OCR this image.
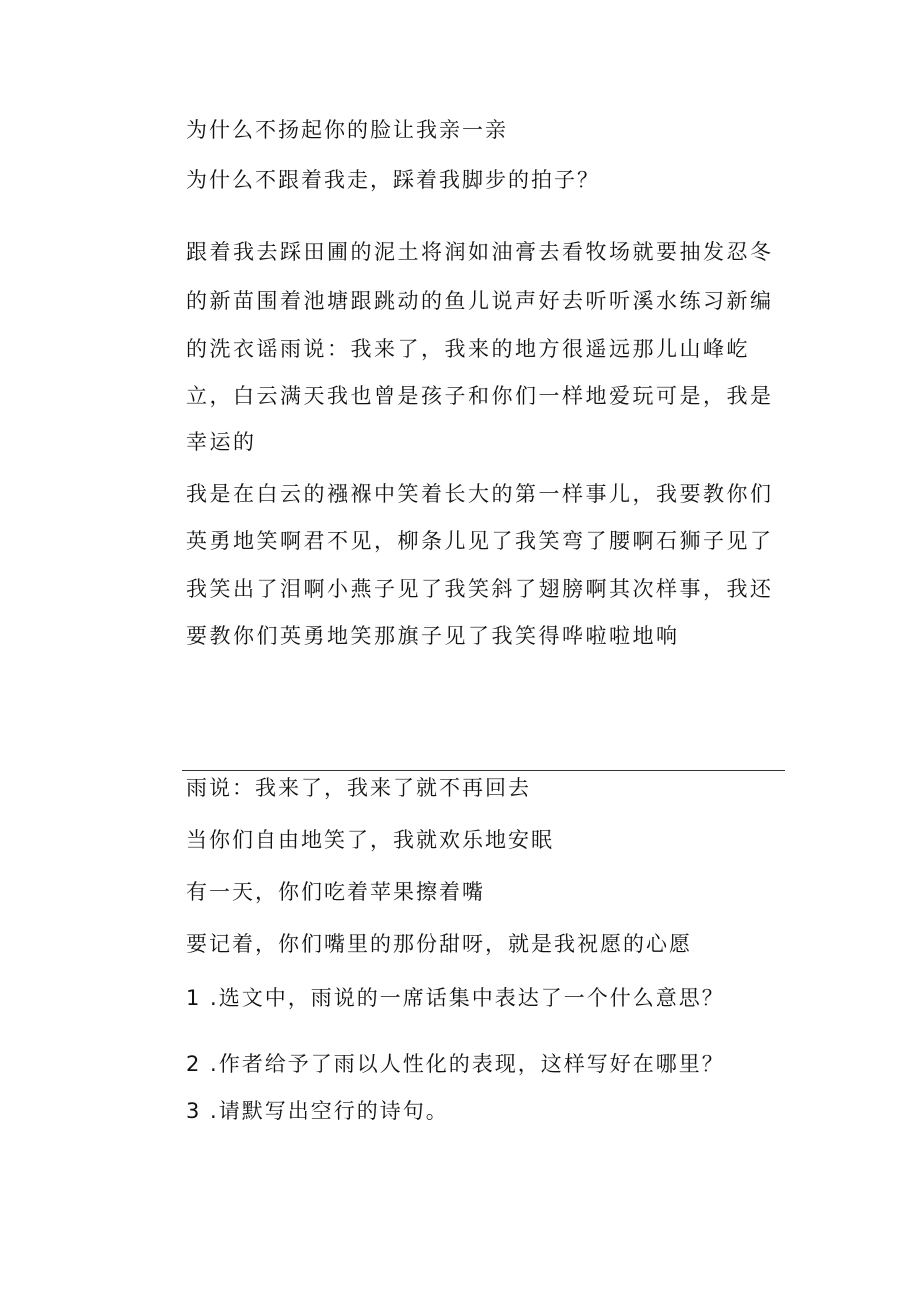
为什么不扬起你的脸让我亲一亲
为什么不跟着我走，踩着我脚步的拍子？
跟着我去踩田圃的泥土将润如油膏去看牧场就要抽发忍冬
的新苗围着池塘跟跳动的鱼儿说声好去听听溪水练习新编
的洗衣谣雨说：我来了，我来的地方很遥远那儿山峰屹
立，白云满天我也曾是孩子和你们一样地爱玩可是，我是
幸运的
我是在白云的襁褓中笑着长大的第一样事儿，我要教你们
英勇地笑啊君不见，柳条儿见了我笑弯了腰啊石狮子见了
我笑出了泪啊小燕子见了我笑斜了翅膀啊其次样事，我还
要教你们英勇地笑那旗子见了我笑得哗啦啦地响
雨说：我来了，我来了就不再回去
当你们自由地笑了，我就欢乐地安眠
有一天，你们吃着苹果擦着嘴
要记着，你们嘴里的那份甜呀，就是我祝愿的心愿
1 .选文中，雨说的一席话集中表达了一个什么意思？
2 .作者给予了雨以人性化的表现，这样写好在哪里？
3 .请默写出空行的诗句。
